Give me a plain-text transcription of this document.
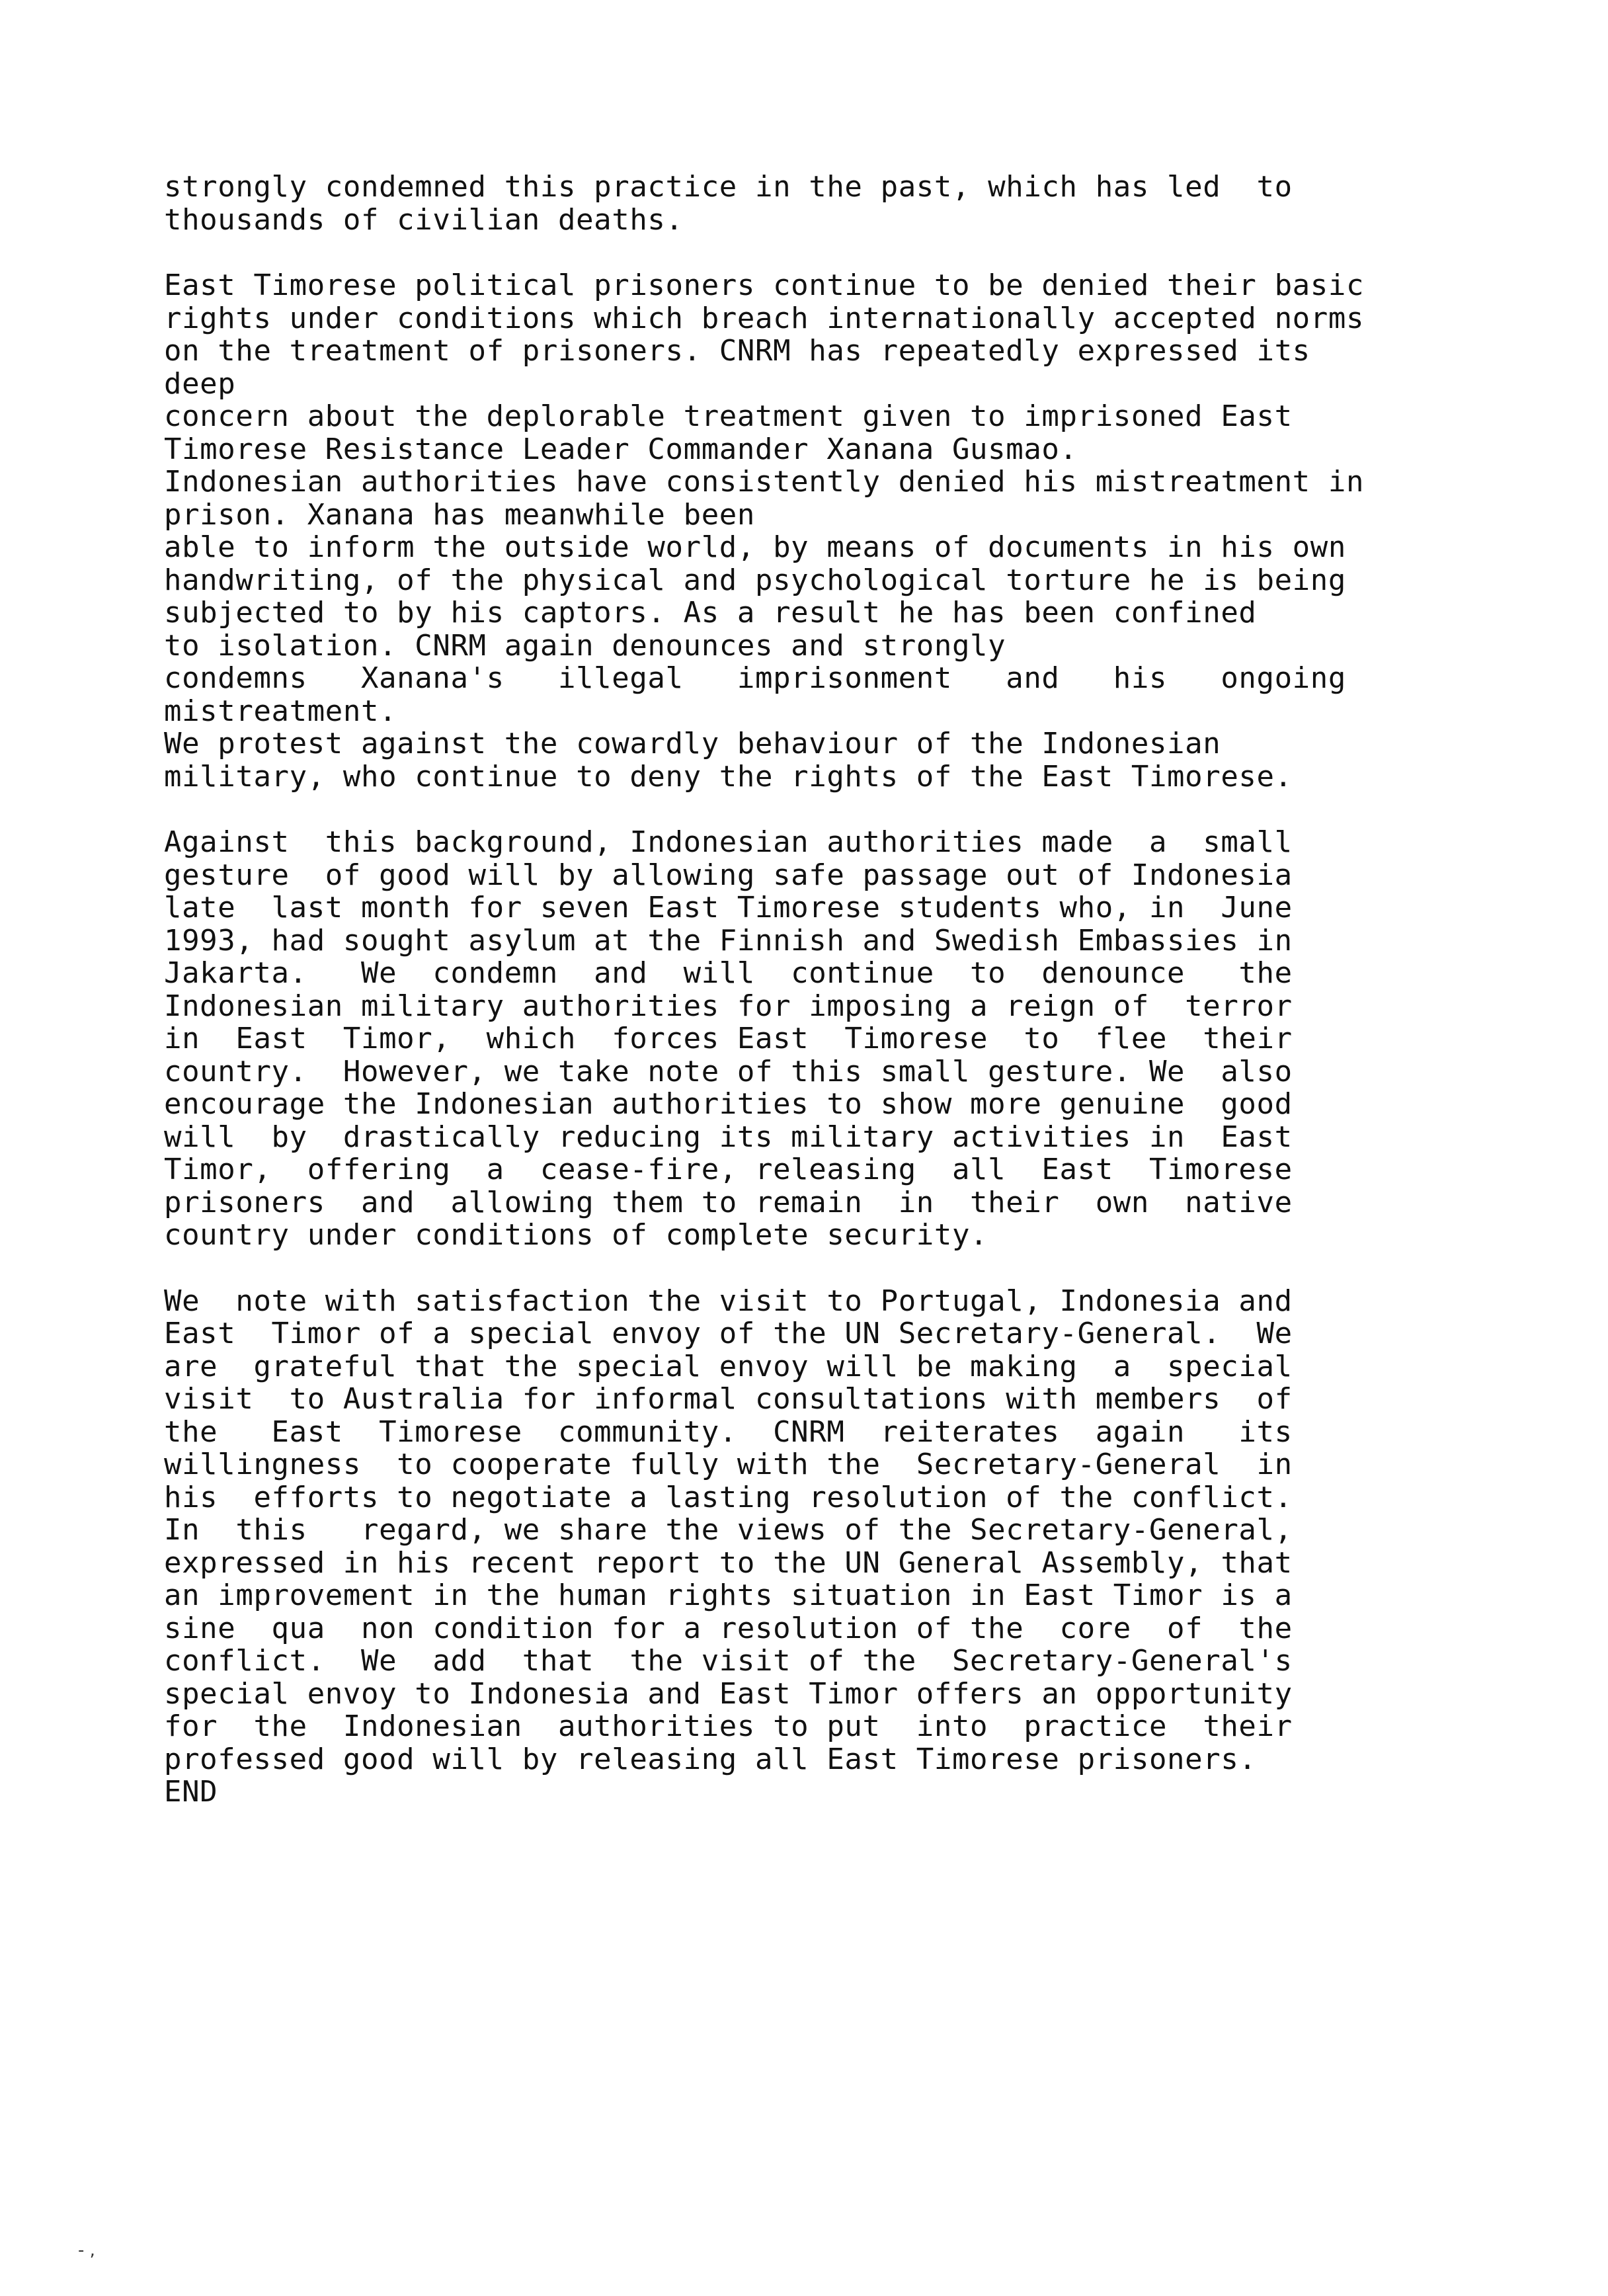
strongly condemned this practice in the past, which has led  to
thousands of civilian deaths.
East Timorese political prisoners continue to be denied their basic
rights under conditions which breach internationally accepted norms
on the treatment of prisoners. CNRM has repeatedly expressed its
deep
concern about the deplorable treatment given to imprisoned East
Timorese Resistance Leader Commander Xanana Gusmao.
Indonesian authorities have consistently denied his mistreatment in
prison. Xanana has meanwhile been
able to inform the outside world, by means of documents in his own
handwriting, of the physical and psychological torture he is being
subjected to by his captors. As a result he has been confined
to isolation. CNRM again denounces and strongly
condemns   Xanana's   illegal   imprisonment   and   his   ongoing
mistreatment.
We protest against the cowardly behaviour of the Indonesian
military, who continue to deny the rights of the East Timorese.
Against  this background, Indonesian authorities made  a  small
gesture  of good will by allowing safe passage out of Indonesia
late  last month for seven East Timorese students who, in  June
1993, had sought asylum at the Finnish and Swedish Embassies in
Jakarta.   We  condemn  and  will  continue  to  denounce   the
Indonesian military authorities for imposing a reign of  terror
in  East  Timor,  which  forces East  Timorese  to  flee  their
country.  However, we take note of this small gesture. We  also
encourage the Indonesian authorities to show more genuine  good
will  by  drastically reducing its military activities in  East
Timor,  offering  a  cease-fire, releasing  all  East  Timorese
prisoners  and  allowing them to remain  in  their  own  native
country under conditions of complete security.
We  note with satisfaction the visit to Portugal, Indonesia and
East  Timor of a special envoy of the UN Secretary-General.  We
are  grateful that the special envoy will be making  a  special
visit  to Australia for informal consultations with members  of
the   East  Timorese  community.  CNRM  reiterates  again   its
willingness  to cooperate fully with the  Secretary-General  in
his  efforts to negotiate a lasting resolution of the conflict.
In  this   regard, we share the views of the Secretary-General,
expressed in his recent report to the UN General Assembly, that
an improvement in the human rights situation in East Timor is a
sine  qua  non condition for a resolution of the  core  of  the
conflict.  We  add  that  the visit of the  Secretary-General's
special envoy to Indonesia and East Timor offers an opportunity
for  the  Indonesian  authorities to put  into  practice  their
professed good will by releasing all East Timorese prisoners.
END
- ,
